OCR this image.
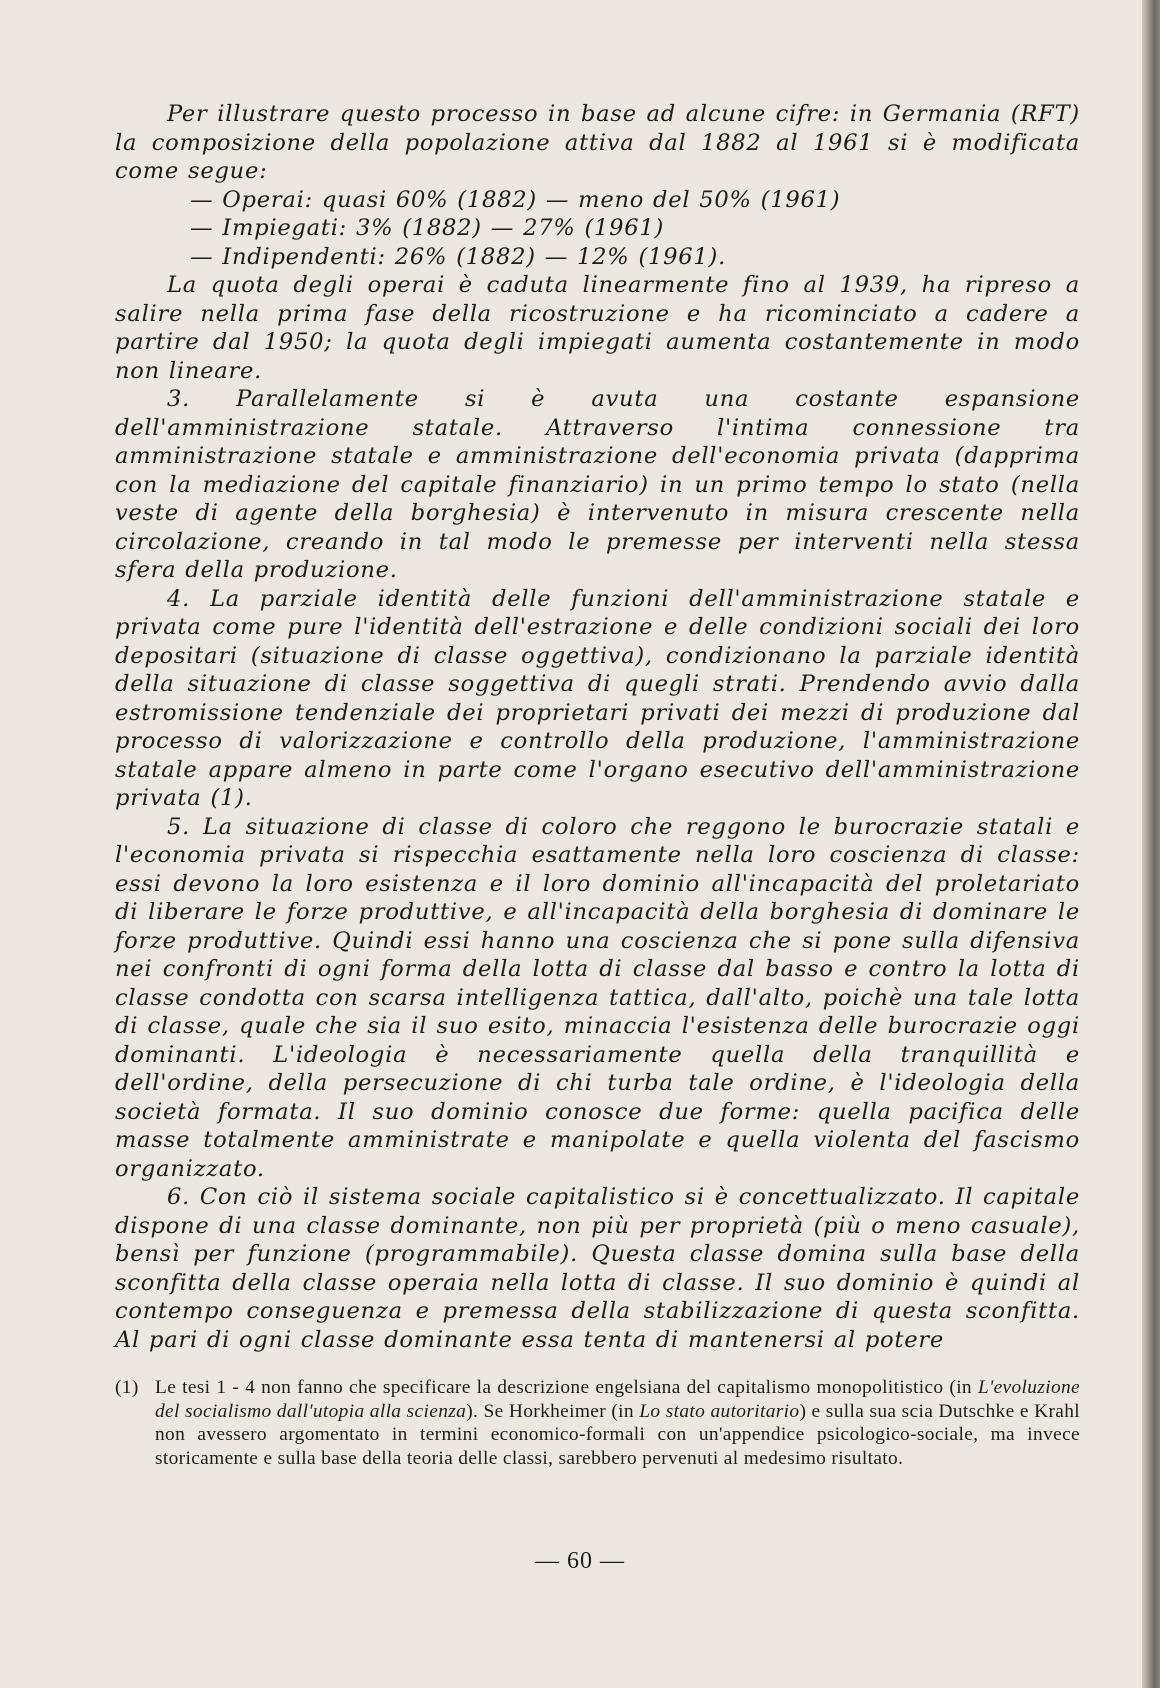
Per illustrare questo processo in base ad alcune cifre: in Germania (RFT) la composizione della popolazione attiva dal 1882 al 1961 si è modificata come segue:

— Operai: quasi 60% (1882) — meno del 50% (1961)

— Impiegati: 3% (1882) — 27% (1961)

— Indipendenti: 26% (1882) — 12% (1961).

La quota degli operai è caduta linearmente fino al 1939, ha ripreso a salire nella prima fase della ricostruzione e ha ricominciato a cadere a partire dal 1950; la quota degli impiegati aumenta costantemente in modo non lineare.

3. Parallelamente si è avuta una costante espansione dell'amministrazione statale. Attraverso l'intima connessione tra amministrazione statale e amministrazione dell'economia privata (dapprima con la mediazione del capitale finanziario) in un primo tempo lo stato (nella veste di agente della borghesia) è intervenuto in misura crescente nella circolazione, creando in tal modo le premesse per interventi nella stessa sfera della produzione.

4. La parziale identità delle funzioni dell'amministrazione statale e privata come pure l'identità dell'estrazione e delle condizioni sociali dei loro depositari (situazione di classe oggettiva), condizionano la parziale identità della situazione di classe soggettiva di quegli strati. Prendendo avvio dalla estromissione tendenziale dei proprietari privati dei mezzi di produzione dal processo di valorizzazione e controllo della produzione, l'amministrazione statale appare almeno in parte come l'organo esecutivo dell'amministrazione privata (1).

5. La situazione di classe di coloro che reggono le burocrazie statali e l'economia privata si rispecchia esattamente nella loro coscienza di classe: essi devono la loro esistenza e il loro dominio all'incapacità del proletariato di liberare le forze produttive, e all'incapacità della borghesia di dominare le forze produttive. Quindi essi hanno una coscienza che si pone sulla difensiva nei confronti di ogni forma della lotta di classe dal basso e contro la lotta di classe condotta con scarsa intelligenza tattica, dall'alto, poichè una tale lotta di classe, quale che sia il suo esito, minaccia l'esistenza delle burocrazie oggi dominanti. L'ideologia è necessariamente quella della tranquillità e dell'ordine, della persecuzione di chi turba tale ordine, è l'ideologia della società formata. Il suo dominio conosce due forme: quella pacifica delle masse totalmente amministrate e manipolate e quella violenta del fascismo organizzato.

6. Con ciò il sistema sociale capitalistico si è concettualizzato. Il capitale dispone di una classe dominante, non più per proprietà (più o meno casuale), bensì per funzione (programmabile). Questa classe domina sulla base della sconfitta della classe operaia nella lotta di classe. Il suo dominio è quindi al contempo conseguenza e premessa della stabilizzazione di questa sconfitta. Al pari di ogni classe dominante essa tenta di mantenersi al potere

(1) Le tesi 1 - 4 non fanno che specificare la descrizione engelsiana del capitalismo monopolitistico (in L'evoluzione del socialismo dall'utopia alla scienza). Se Horkheimer (in Lo stato autoritario) e sulla sua scia Dutschke e Krahl non avessero argomentato in termini economico-formali con un'appendice psicologico-sociale, ma invece storicamente e sulla base della teoria delle classi, sarebbero pervenuti al medesimo risultato.

— 60 —
